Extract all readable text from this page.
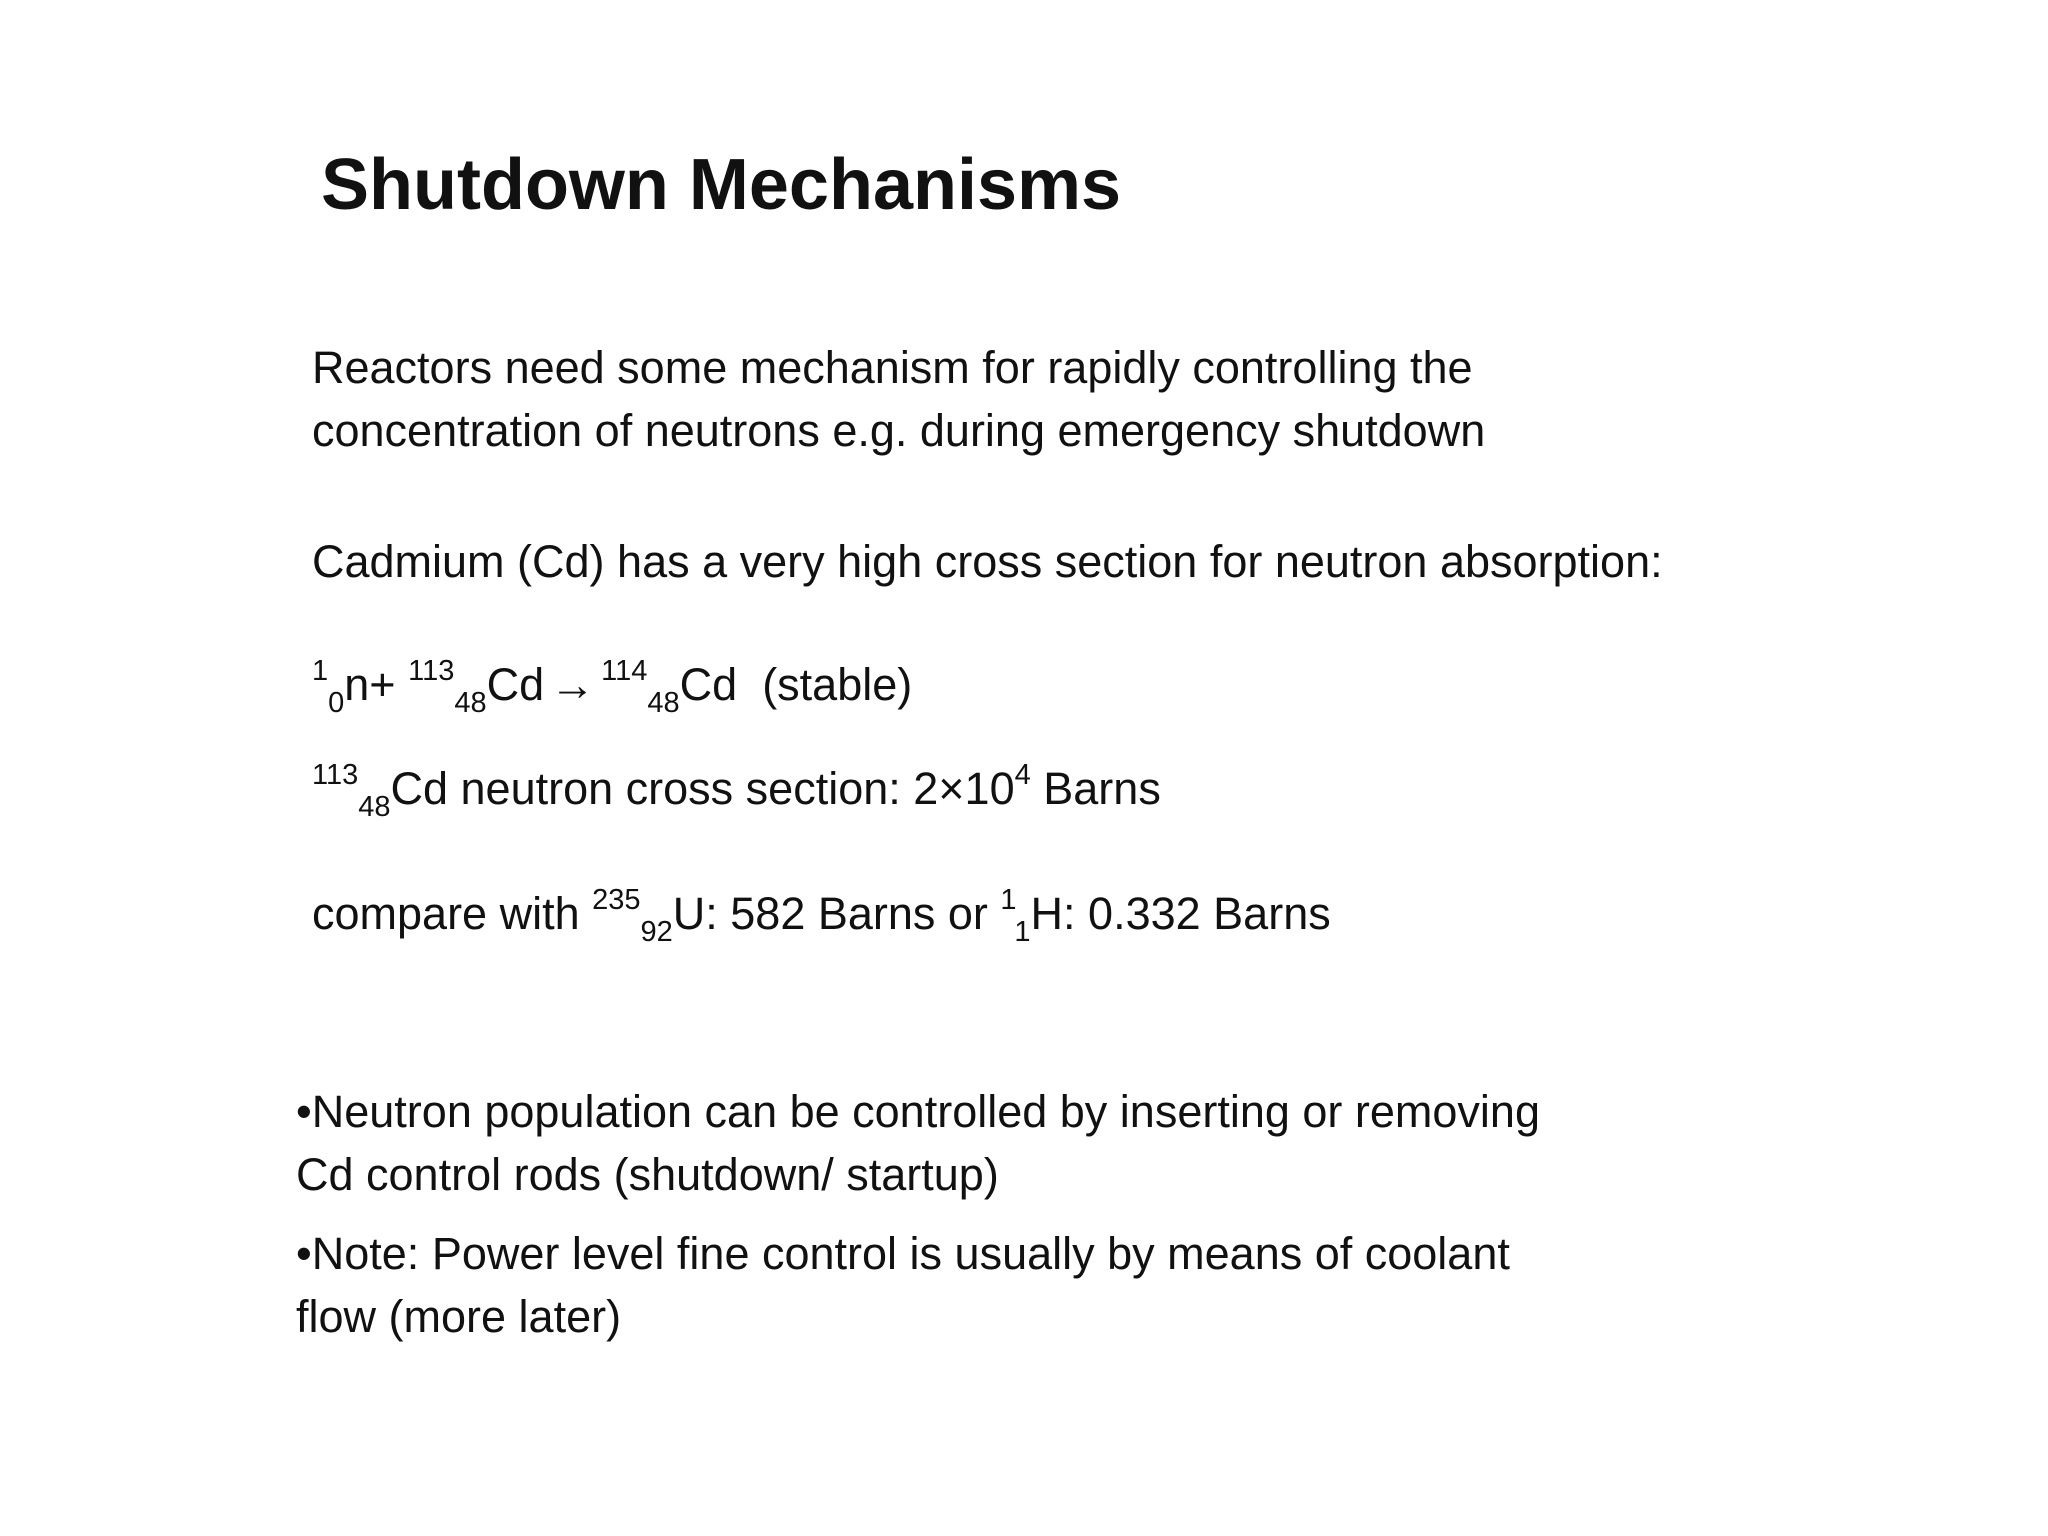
Shutdown Mechanisms
Reactors need some mechanism for rapidly controlling the
concentration of neutrons e.g. during emergency shutdown
Cadmium (Cd) has a very high cross section for neutron absorption:
$^1_0$n+ $^{113}_{48}$Cd → $^{114}_{48}$Cd (stable)
$^{113}_{48}$Cd neutron cross section: $2\times 10^4$ Barns
compare with $^{235}_{92}$U: 582 Barns or $^1_1$H: 0.332 Barns
•Neutron population can be controlled by inserting or removing
Cd control rods (shutdown/ startup)
•Note: Power level fine control is usually by means of coolant
flow (more later)
